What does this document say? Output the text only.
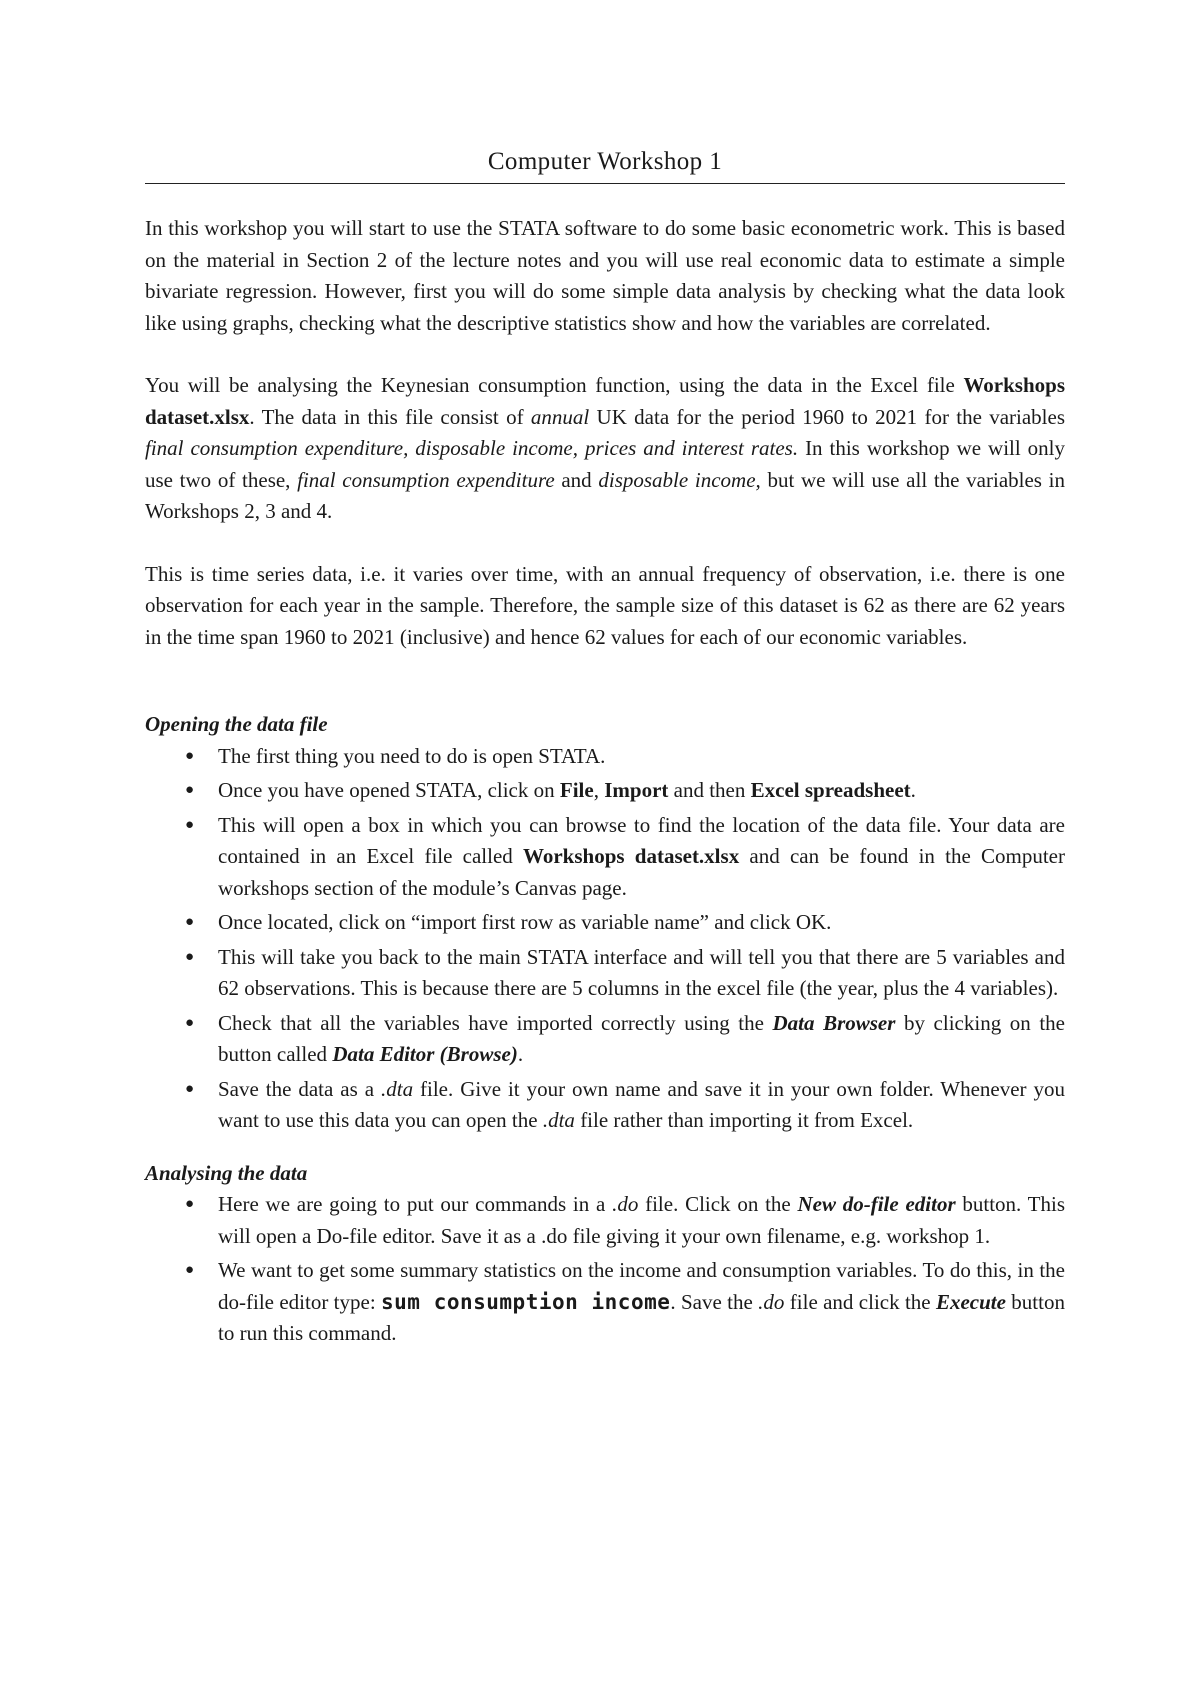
Computer Workshop 1

In this workshop you will start to use the STATA software to do some basic econometric work. This is based on the material in Section 2 of the lecture notes and you will use real economic data to estimate a simple bivariate regression. However, first you will do some simple data analysis by checking what the data look like using graphs, checking what the descriptive statistics show and how the variables are correlated.

You will be analysing the Keynesian consumption function, using the data in the Excel file Workshops dataset.xlsx. The data in this file consist of annual UK data for the period 1960 to 2021 for the variables final consumption expenditure, disposable income, prices and interest rates. In this workshop we will only use two of these, final consumption expenditure and disposable income, but we will use all the variables in Workshops 2, 3 and 4.

This is time series data, i.e. it varies over time, with an annual frequency of observation, i.e. there is one observation for each year in the sample. Therefore, the sample size of this dataset is 62 as there are 62 years in the time span 1960 to 2021 (inclusive) and hence 62 values for each of our economic variables.

Opening the data file

● The first thing you need to do is open STATA.
● Once you have opened STATA, click on File, Import and then Excel spreadsheet.
● This will open a box in which you can browse to find the location of the data file. Your data are contained in an Excel file called Workshops dataset.xlsx and can be found in the Computer workshops section of the module’s Canvas page.
● Once located, click on “import first row as variable name” and click OK.
● This will take you back to the main STATA interface and will tell you that there are 5 variables and 62 observations. This is because there are 5 columns in the excel file (the year, plus the 4 variables).
● Check that all the variables have imported correctly using the Data Browser by clicking on the button called Data Editor (Browse).
● Save the data as a .dta file. Give it your own name and save it in your own folder. Whenever you want to use this data you can open the .dta file rather than importing it from Excel.

Analysing the data

● Here we are going to put our commands in a .do file. Click on the New do-file editor button. This will open a Do-file editor. Save it as a .do file giving it your own filename, e.g. workshop 1.
● We want to get some summary statistics on the income and consumption variables. To do this, in the do-file editor type: sum consumption income. Save the .do file and click the Execute button to run this command.
